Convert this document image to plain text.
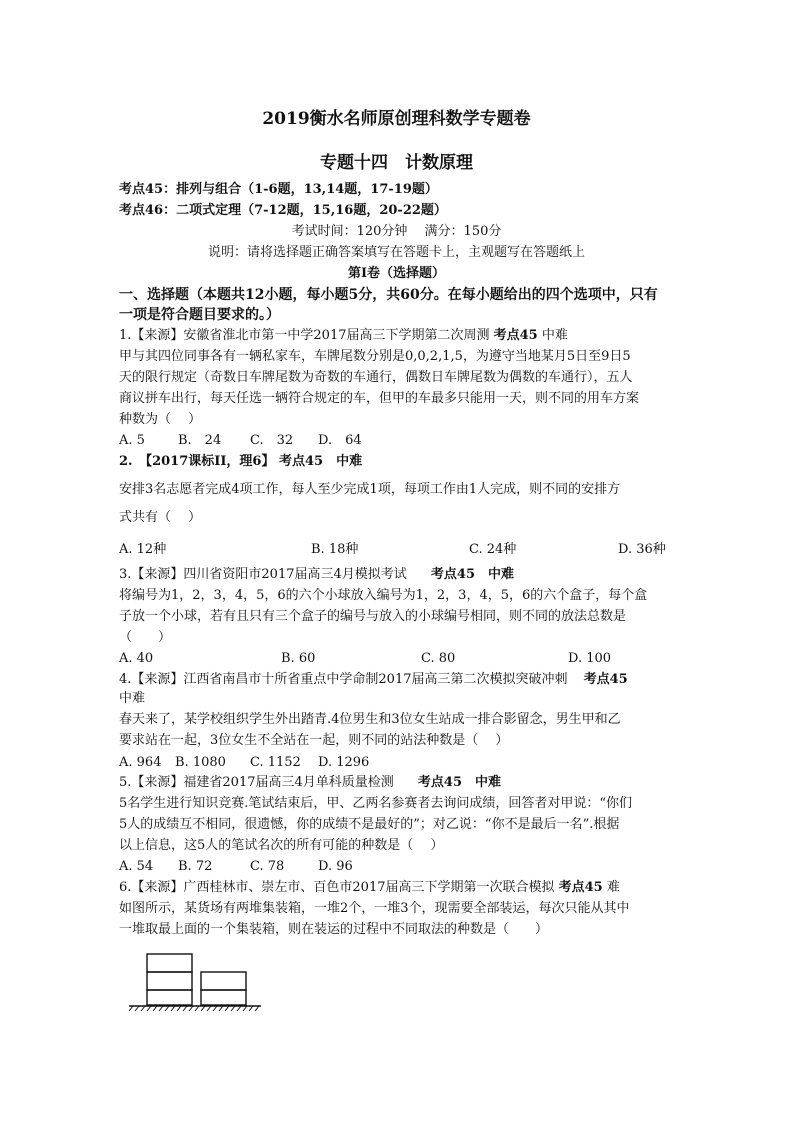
2019衡水名师原创理科数学专题卷
专题十四　计数原理
考点45：排列与组合（1-6题，13,14题，17-19题）
考点46：二项式定理（7-12题，15,16题，20-22题）
考试时间：120分钟　 满分：150分
说明：请将选择题正确答案填写在答题卡上，主观题写在答题纸上
第I卷（选择题）
一、选择题（本题共12小题，每小题5分，共60分。在每小题给出的四个选项中，只有
一项是符合题目要求的。）
1.【来源】安徽省淮北市第一中学2017届高三下学期第二次周测 考点45 中难
甲与其四位同事各有一辆私家车，车牌尾数分别是0,0,2,1,5，为遵守当地某月5日至9日5
天的限行规定（奇数日车牌尾数为奇数的车通行，偶数日车牌尾数为偶数的车通行），五人
商议拼车出行，每天任选一辆符合规定的车，但甲的车最多只能用一天，则不同的用车方案
种数为（　 ）
A. 5	B.　24 C.　32 D.　64
2.　【2017课标II，理6】 考点45　中难
安排3名志愿者完成4项工作，每人至少完成1项，每项工作由1人完成，则不同的安排方
式共有（　 ）
A. 12种	B. 18种	C. 24种	D. 36种
3.【来源】四川省资阳市2017届高三4月模拟考试 考点45　中难
将编号为1，2，3，4，5，6的六个小球放入编号为1，2，3，4，5，6的六个盒子，每个盒
子放一个小球，若有且只有三个盒子的编号与放入的小球编号相同，则不同的放法总数是
（　　）
A. 40	B. 60	C. 80	D. 100
4.【来源】江西省南昌市十所省重点中学命制2017届高三第二次模拟突破冲刺 考点45
中难
春天来了，某学校组织学生外出踏青.4位男生和3位女生站成一排合影留念，男生甲和乙
要求站在一起，3位女生不全站在一起，则不同的站法种数是（　 ）
A. 964 B. 1080 C. 1152 D. 1296
5.【来源】福建省2017届高三4月单科质量检测 考点45　中难
5名学生进行知识竞赛.笔试结束后，甲、乙两名参赛者去询问成绩，回答者对甲说：“你们
5人的成绩互不相同，很遗憾，你的成绩不是最好的”；对乙说：“你不是最后一名”.根据
以上信息，这5人的笔试名次的所有可能的种数是（　 ）
A. 54 B. 72	C. 78	D. 96
6.【来源】广西桂林市、崇左市、百色市2017届高三下学期第一次联合模拟 考点45 难
如图所示，某货场有两堆集装箱，一堆2个，一堆3个，现需要全部装运，每次只能从其中
一堆取最上面的一个集装箱，则在装运的过程中不同取法的种数是（　　）
